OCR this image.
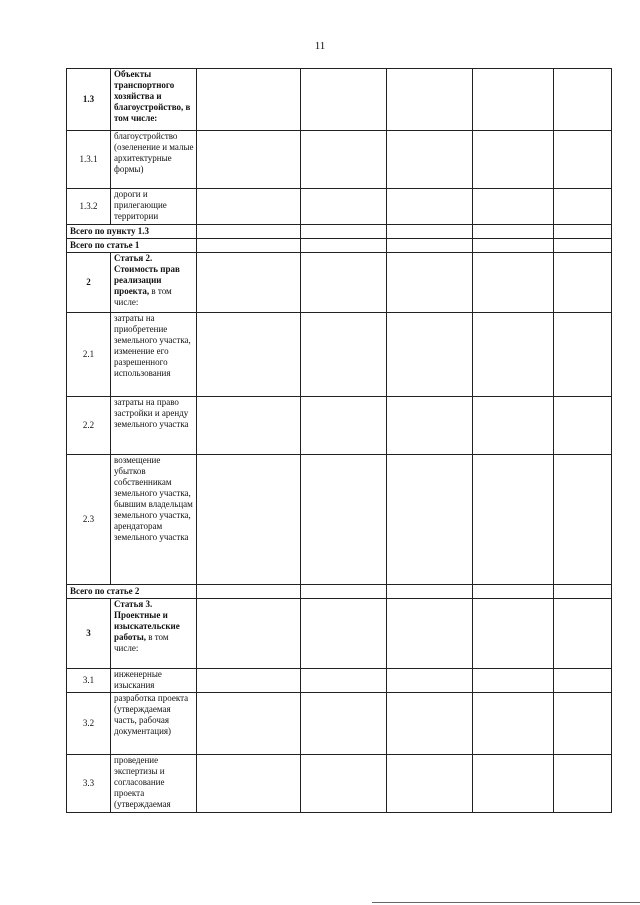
11
1.3	Объекты транспортного хозяйства и благоустройство, в том числе:					
1.3.1	благоустройство (озеленение и малые архитектурные формы)					
1.3.2	дороги и прилегающие территории					
Всего по пункту 1.3						
Всего по статье 1						
2	Статья 2. Стоимость прав реализации проекта, в том числе:					
2.1	затраты на приобретение земельного участка, изменение его разрешенного использования					
2.2	затраты на право застройки и аренду земельного участка					
2.3	возмещение убытков собственникам земельного участка, бывшим владельцам земельного участка, арендаторам земельного участка					
Всего по статье 2						
3	Статья 3. Проектные и изыскательские работы, в том числе:					
3.1	инженерные изыскания					
3.2	разработка проекта (утверждаемая часть, рабочая документация)					
3.3	проведение экспертизы и согласование проекта (утверждаемая					
